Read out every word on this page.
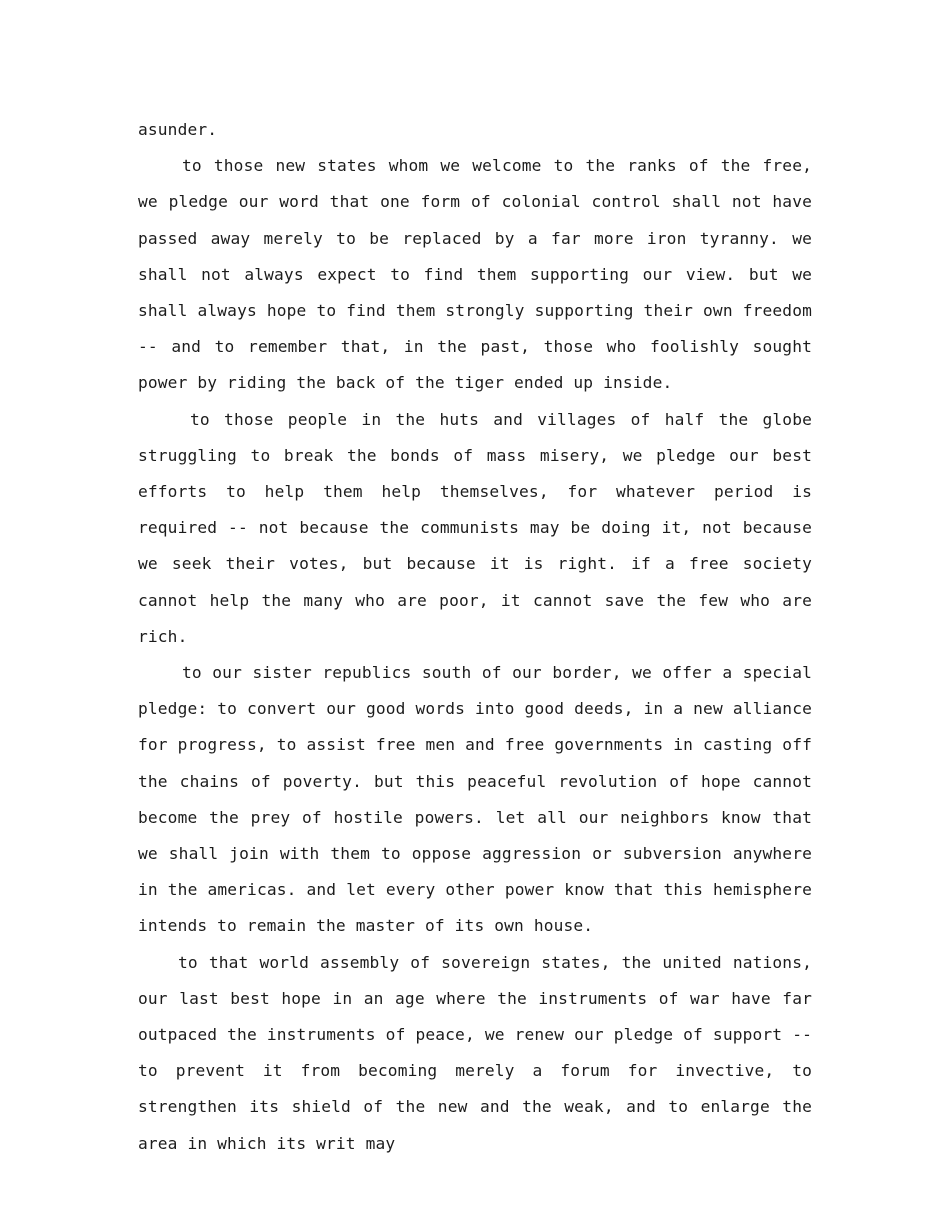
asunder.

to those new states whom we welcome to the ranks of the free, we pledge our word that one form of colonial control shall not have passed away merely to be replaced by a far more iron tyranny. we shall not always expect to find them supporting our view. but we shall always hope to find them strongly supporting their own freedom -- and to remember that, in the past, those who foolishly sought power by riding the back of the tiger ended up inside.

to those people in the huts and villages of half the globe struggling to break the bonds of mass misery, we pledge our best efforts to help them help themselves, for whatever period is required -- not because the communists may be doing it, not because we seek their votes, but because it is right. if a free society cannot help the many who are poor, it cannot save the few who are rich.

to our sister republics south of our border, we offer a special pledge: to convert our good words into good deeds, in a new alliance for progress, to assist free men and free governments in casting off the chains of poverty. but this peaceful revolution of hope cannot become the prey of hostile powers. let all our neighbors know that we shall join with them to oppose aggression or subversion anywhere in the americas. and let every other power know that this hemisphere intends to remain the master of its own house.

to that world assembly of sovereign states, the united nations, our last best hope in an age where the instruments of war have far outpaced the instruments of peace, we renew our pledge of support -- to prevent it from becoming merely a forum for invective, to strengthen its shield of the new and the weak, and to enlarge the area in which its writ may
